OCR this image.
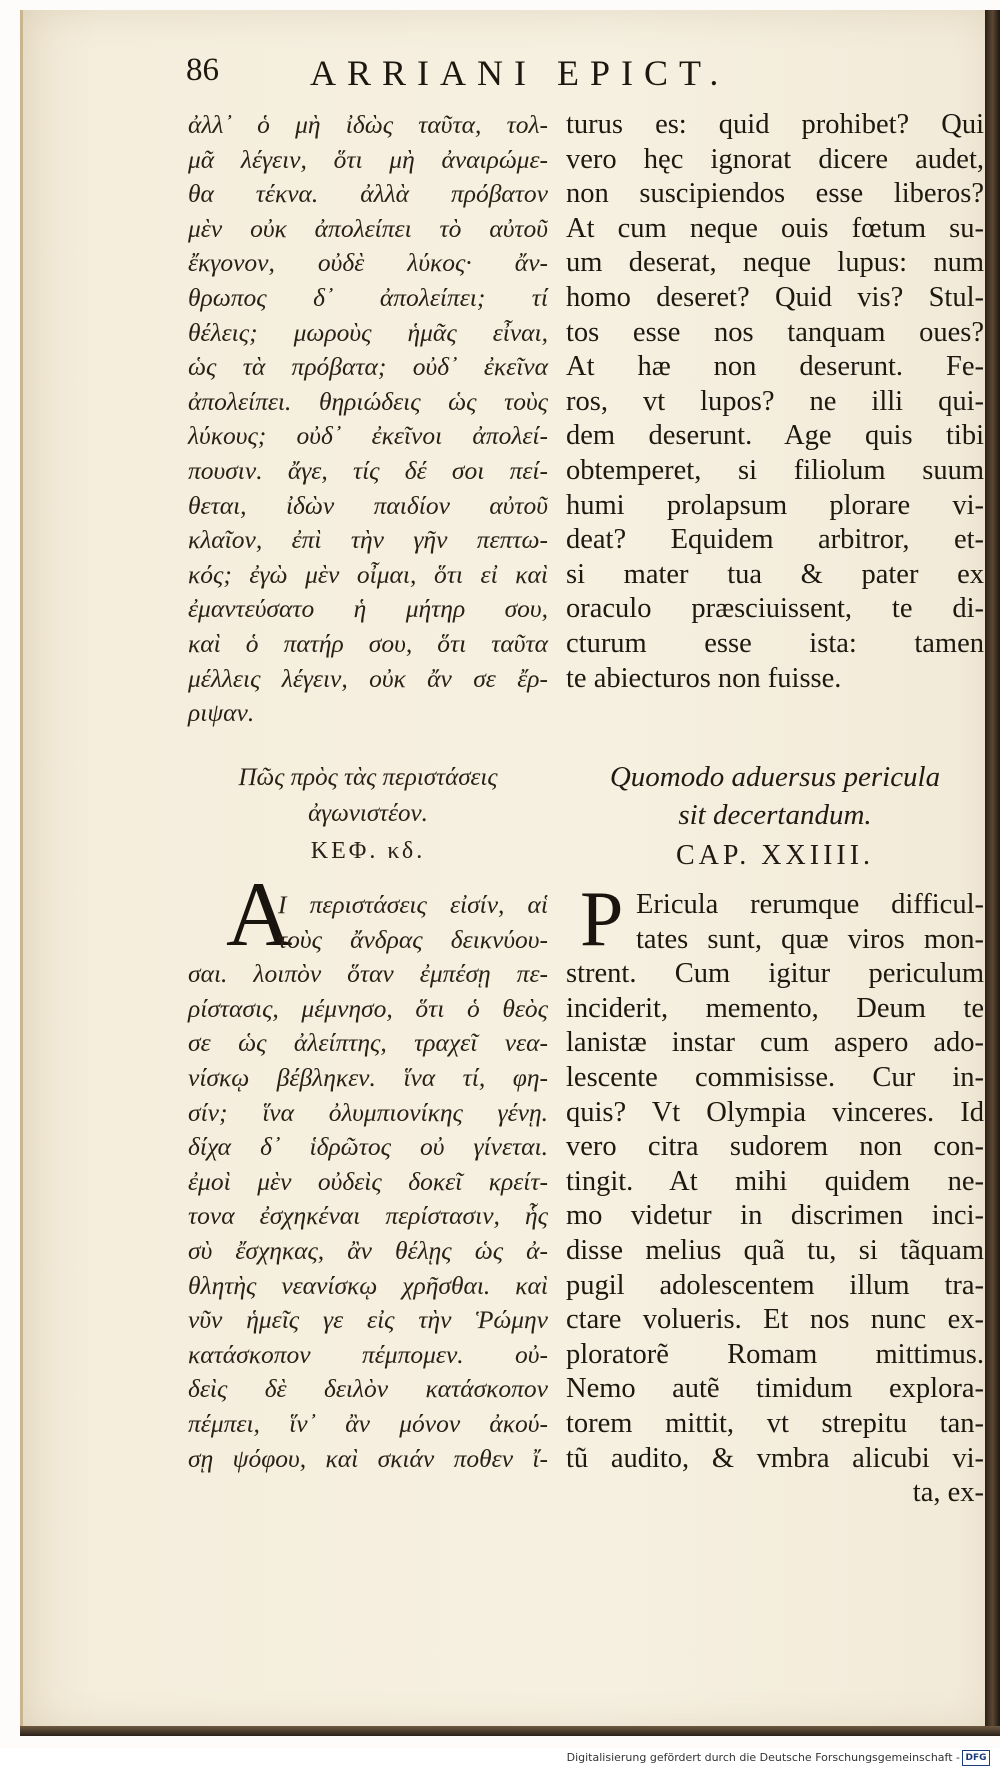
86	ARRIANI EPICT.
ἀλλ᾽ ὁ μὴ ἰδὼς ταῦτα, τολ-
μᾶ λέγειν, ὅτι μὴ ἀναιρώμε-
θα τέκνα. ἀλλὰ πρόβατον
μὲν οὐκ ἀπολείπει τὸ αὐτοῦ
ἔκγονον, οὐδὲ λύκος· ἄν-
θρωπος δ᾽ ἀπολείπει; τί
θέλεις; μωροὺς ἡμᾶς εἶναι,
ὡς τὰ πρόβατα; οὐδ᾽ ἐκεῖνα
ἀπολείπει. θηριώδεις ὡς τοὺς
λύκους; οὐδ᾽ ἐκεῖνοι ἀπολεί-
πουσιν. ἄγε, τίς δέ σοι πεί-
θεται, ἰδὼν παιδίον αὐτοῦ
κλαῖον, ἐπὶ τὴν γῆν πεπτω-
κός; ἐγὼ μὲν οἶμαι, ὅτι εἰ καὶ
ἐμαντεύσατο ἡ μήτηρ σου,
καὶ ὁ πατήρ σου, ὅτι ταῦτα
μέλλεις λέγειν, οὐκ ἄν σε ἔρ-
ριψαν.
turus es: quid prohibet? Qui
vero hęc ignorat dicere audet,
non suscipiendos esse liberos?
At cum neque ouis fœtum su-
um deserat, neque lupus: num
homo deseret? Quid vis? Stul-
tos esse nos tanquam oues?
At hæ non deserunt. Fe-
ros, vt lupos? ne illi qui-
dem deserunt. Age quis tibi
obtemperet, si filiolum suum
humi prolapsum plorare vi-
deat? Equidem arbitror, et-
si mater tua & pater ex
oraculo præsciuissent, te di-
cturum esse ista: tamen
te abiecturos non fuisse.
Πῶς πρὸς τὰς περιστάσεις
ἀγωνιστέον.
ΚΕΦ. κδ.
Quomodo aduersus pericula
sit decertandum.
CAP. XXIIII.
Α	P
Ι περιστάσεις εἰσίν, αἱ
τοὺς ἄνδρας δεικνύου-
σαι. λοιπὸν ὅταν ἐμπέσῃ πε-
ρίστασις, μέμνησο, ὅτι ὁ θεὸς
σε ὡς ἀλείπτης, τραχεῖ νεα-
νίσκῳ βέβληκεν. ἵνα τί, φη-
σίν; ἵνα ὀλυμπιονίκης γένῃ.
δίχα δ᾽ ἱδρῶτος οὐ γίνεται.
ἐμοὶ μὲν οὐδεὶς δοκεῖ κρείτ-
τονα ἐσχηκέναι περίστασιν, ἧς
σὺ ἔσχηκας, ἂν θέλῃς ὡς ἀ-
θλητὴς νεανίσκῳ χρῆσθαι. καὶ
νῦν ἡμεῖς γε εἰς τὴν Ῥώμην
κατάσκοπον πέμπομεν. οὐ-
δεὶς δὲ δειλὸν κατάσκοπον
πέμπει, ἵν᾽ ἂν μόνον ἀκού-
σῃ ψόφου, καὶ σκιάν ποθεν ἴ-
Ericula rerumque difficul-
tates sunt, quæ viros mon-
strent. Cum igitur periculum
inciderit, memento, Deum te
lanistæ instar cum aspero ado-
lescente commisisse. Cur in-
quis? Vt Olympia vinceres. Id
vero citra sudorem non con-
tingit. At mihi quidem ne-
mo videtur in discrimen inci-
disse melius quã tu, si tãquam
pugil adolescentem illum tra-
ctare volueris. Et nos nunc ex-
ploratorẽ Romam mittimus.
Nemo autẽ timidum explora-
torem mittit, vt strepitu tan-
tũ audito, & vmbra alicubi vi-
ta, ex-
Digitalisierung gefördert durch die Deutsche Forschungsgemeinschaft - DFG
